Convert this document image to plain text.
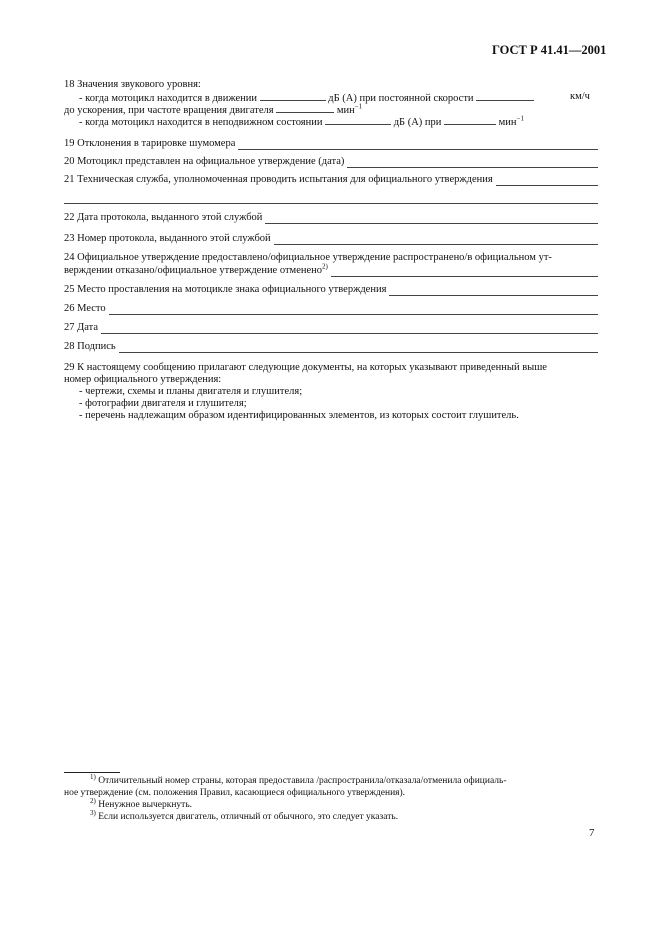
ГОСТ Р 41.41—2001
18 Значения звукового уровня:
- когда мотоцикл находится в движении	дБ (А) при постоянной скорости	км/ч
до ускорения, при частоте вращения двигателя	мин$^{-1}$
- когда мотоцикл находится в неподвижном состоянии	дБ (А) при	мин$^{-1}$
19 Отклонения в тарировке шумомера
20 Мотоцикл представлен на официальное утверждение (дата)
21 Техническая служба, уполномоченная проводить испытания для официального утверждения
22 Дата протокола, выданного этой службой
23 Номер протокола, выданного этой службой
24 Официальное утверждение предоставлено/официальное утверждение распространено/в официальном ут-
верждении отказано/официальное утверждение отменено$^{2)}$
25 Место проставления на мотоцикле знака официального утверждения
26 Место
27 Дата
28 Подпись
29 К настоящему сообщению прилагают следующие документы, на которых указывают приведенный выше
номер официального утверждения:
- чертежи, схемы и планы двигателя и глушителя;
- фотографии двигателя и глушителя;
- перечень надлежащим образом идентифицированных элементов, из которых состоит глушитель.
$^{1)}$ Отличительный номер страны, которая предоставила /распространила/отказала/отменила официаль-
ное утверждение (см. положения Правил, касающиеся официального утверждения).
$^{2)}$ Ненужное вычеркнуть.
$^{3)}$ Если используется двигатель, отличный от обычного, это следует указать.
7
